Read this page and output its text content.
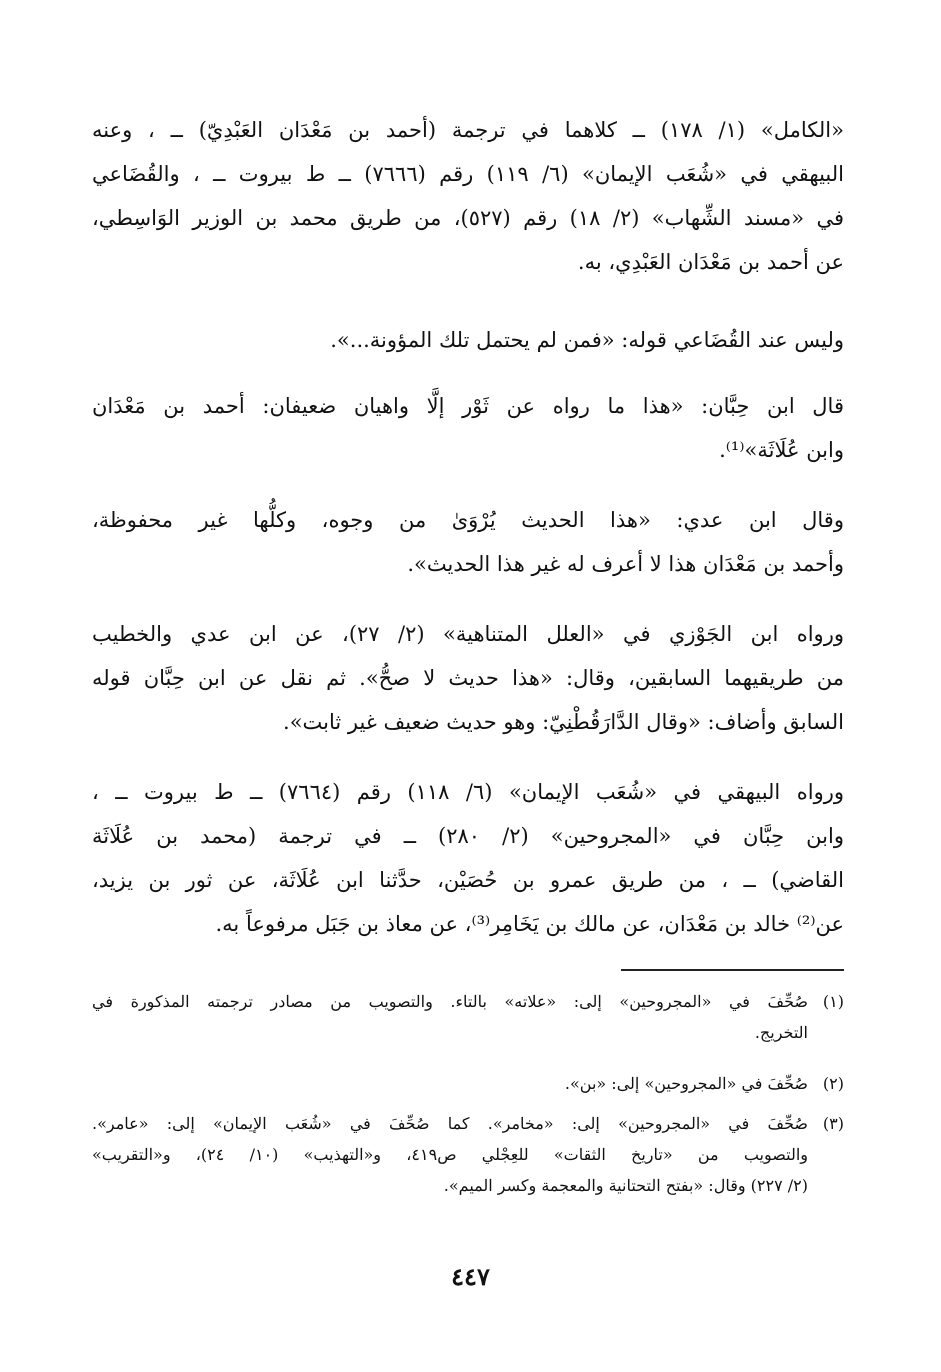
«الكامل» (١/ ١٧٨) ــ كلاهما في ترجمة (أحمد بن مَعْدَان العَبْدِيّ) ــ ، وعنه
البيهقي في «شُعَب الإيمان» (٦/ ١١٩) رقم (٧٦٦٦) ــ ط بيروت ــ ، والقُضَاعي
في «مسند الشِّهاب» (٢/ ١٨) رقم (٥٢٧)، من طريق محمد بن الوزير الوَاسِطي،
عن أحمد بن مَعْدَان العَبْدِي، به.
وليس عند القُضَاعي قوله: «فمن لم يحتمل تلك المؤونة...».
قال ابن حِبَّان: «هذا ما رواه عن ثَوْر إلَّا واهيان ضعيفان: أحمد بن مَعْدَان
وابن عُلَاثَة»⁽¹⁾.
وقال ابن عدي: «هذا الحديث يُرْوَىٰ من وجوه، وكلُّها غير محفوظة،
وأحمد بن مَعْدَان هذا لا أعرف له غير هذا الحديث».
ورواه ابن الجَوْزي في «العلل المتناهية» (٢/ ٢٧)، عن ابن عدي والخطيب
من طريقيهما السابقين، وقال: «هذا حديث لا صحُّ». ثم نقل عن ابن حِبَّان قوله
السابق وأضاف: «وقال الدَّارَقُطْنِيّ: وهو حديث ضعيف غير ثابت».
ورواه البيهقي في «شُعَب الإيمان» (٦/ ١١٨) رقم (٧٦٦٤) ــ ط بيروت ــ ،
وابن حِبَّان في «المجروحين» (٢/ ٢٨٠) ــ في ترجمة (محمد بن عُلَاثَة
القاضي) ــ ، من طريق عمرو بن حُصَيْن، حدَّثنا ابن عُلَاثَة، عن ثور بن يزيد،
عن⁽²⁾ خالد بن مَعْدَان، عن مالك بن يَخَامِر⁽³⁾، عن معاذ بن جَبَل مرفوعاً به.
(١)صُحِّفَ في «المجروحين» إلى: «علاته» بالتاء. والتصويب من مصادر ترجمته المذكورة في
التخريج.
(٢)صُحِّفَ في «المجروحين» إلى: «بن».
(٣)صُحِّفَ في «المجروحين» إلى: «مخامر». كما صُحِّفَ في «شُعَب الإيمان» إلى: «عامر».
والتصويب من «تاريخ الثقات» للعِجْلي ص٤١٩، و«التهذيب» (١٠/ ٢٤)، و«التقريب»
(٢/ ٢٢٧) وقال: «بفتح التحتانية والمعجمة وكسر الميم».
٤٤٧
